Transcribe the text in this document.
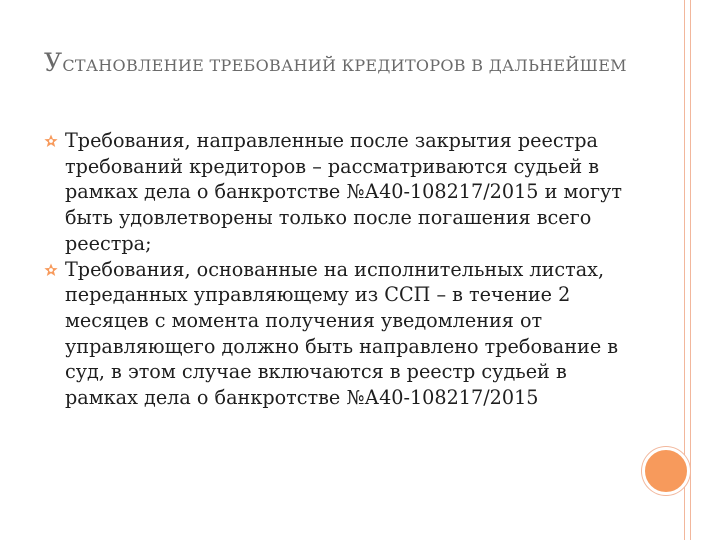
УСТАНОВЛЕНИЕ ТРЕБОВАНИЙ КРЕДИТОРОВ В ДАЛЬНЕЙШЕМ
Требования, направленные после закрытия реестра требований кредиторов – рассматриваются судьей в рамках дела о банкротстве №А40-108217/2015 и могут быть удовлетворены только после погашения всего реестра;
Требования, основанные на исполнительных листах, переданных управляющему из ССП – в течение 2 месяцев с момента получения уведомления от управляющего должно быть направлено требование в суд, в этом случае включаются в реестр судьей в рамках дела о банкротстве №А40-108217/2015
